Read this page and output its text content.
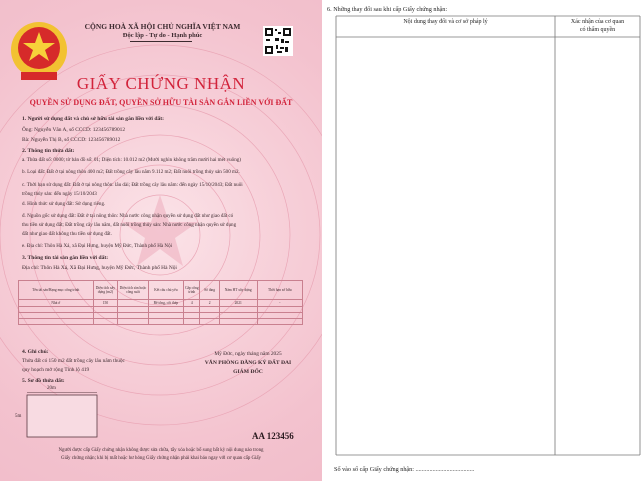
CỘNG HOÀ XÃ HỘI CHỦ NGHĨA VIỆT NAM
Độc lập - Tự do - Hạnh phúc
GIẤY CHỨNG NHẬN
QUYỀN SỬ DỤNG ĐẤT, QUYỀN SỞ HỮU TÀI SẢN GẮN LIỀN VỚI ĐẤT
1. Người sử dụng đất và chủ sở hữu tài sản gắn liền với đất:
Ông: Nguyễn Văn A, số CCCD: 123456789012
Bà: Nguyễn Thị B, số CCCD: 123456789012
2. Thông tin thửa đất:
a. Thửa đất số: 0000; tờ bản đồ số: 01; Diện tích: 10.012 m2 (Mười nghìn không trăm mười hai mét vuông)
b. Loại đất: Đất ở tại nông thôn 400 m2; Đất trồng cây lâu năm 9.112 m2; Đất nuôi trồng thủy sản 500 m2.
c. Thời hạn sử dụng đất: Đất ở tại nông thôn: lâu dài; Đất trồng cây lâu năm: đến ngày 15/10/2043; Đất nuôi
trồng thủy sản: đến ngày 15/10/2043
d. Hình thức sử dụng đất: Sử dụng riêng.
đ. Nguồn gốc sử dụng đất: Đất ở tại nông thôn: Nhà nước công nhận quyền sử dụng đất như giao đất có
thu tiền sử dụng đất; Đất trồng cây lâu năm, đất nuôi trồng thủy sản: Nhà nước công nhận quyền sử dụng
đất như giao đất không thu tiền sử dụng đất.
e. Địa chỉ: Thôn Hà Xá, xã Đại Hưng, huyện Mỹ Đức, Thành phố Hà Nội
3. Thông tin tài sản gắn liền với đất:
Địa chỉ: Thôn Hà Xá, Xã Đại Hưng, huyện Mỹ Đức, Thành phố Hà Nội
Tên tài sản/Hạng mục công trình	Diện tích xây dựng (m2)	Diện tích sàn hoặc công suất	Kết cấu chủ yếu	Cấp công trình	Số tầng	Năm HT xây dựng	Thời hạn sở hữu
Nhà ở	150		Bê tông, cốt thép	4	2	2021	-

4. Ghi chú:
Thửa đất có 150 m2 đất trồng cây lâu năm thuộc
quy hoạch mở rộng Tỉnh lộ 419
Mỹ Đức, ngày tháng năm 2025
VĂN PHÒNG ĐĂNG KÝ ĐẤT ĐAI
GIÁM ĐỐC
5. Sơ đồ thửa đất:
20m
5m
AA 123456
Người được cấp Giấy chứng nhận không được sửa chữa, tẩy xóa hoặc bổ sung bất kỳ nội dung nào trong
Giấy chứng nhận; khi bị mất hoặc hư hỏng Giấy chứng nhận phải khai báo ngay với cơ quan cấp Giấy
6. Những thay đổi sau khi cấp Giấy chứng nhận:
Nội dung thay đổi và cơ sở pháp lý	Xác nhận của cơ quan
có thẩm quyền
Số vào sổ cấp Giấy chứng nhận: ......................................
